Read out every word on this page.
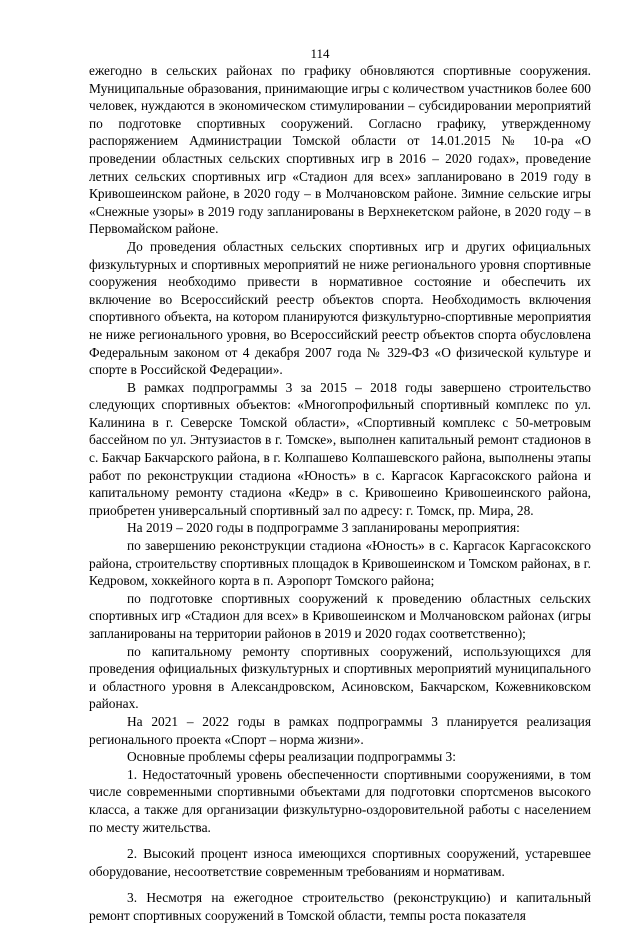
114

ежегодно в сельских районах по графику обновляются спортивные сооружения. Муниципальные образования, принимающие игры с количеством участников более 600 человек, нуждаются в экономическом стимулировании – субсидировании мероприятий по подготовке спортивных сооружений. Согласно графику, утвержденному распоряжением Администрации Томской области от 14.01.2015 № 10-ра «О проведении областных сельских спортивных игр в 2016 – 2020 годах», проведение летних сельских спортивных игр «Стадион для всех» запланировано в 2019 году в Кривошеинском районе, в 2020 году – в Молчановском районе. Зимние сельские игры «Снежные узоры» в 2019 году запланированы в Верхнекетском районе, в 2020 году – в Первомайском районе.

До проведения областных сельских спортивных игр и других официальных физкультурных и спортивных мероприятий не ниже регионального уровня спортивные сооружения необходимо привести в нормативное состояние и обеспечить их включение во Всероссийский реестр объектов спорта. Необходимость включения спортивного объекта, на котором планируются физкультурно-спортивные мероприятия не ниже регионального уровня, во Всероссийский реестр объектов спорта обусловлена Федеральным законом от 4 декабря 2007 года № 329-ФЗ «О физической культуре и спорте в Российской Федерации».

В рамках подпрограммы 3 за 2015 – 2018 годы завершено строительство следующих спортивных объектов: «Многопрофильный спортивный комплекс по ул. Калинина в г. Северске Томской области», «Спортивный комплекс с 50-метровым бассейном по ул. Энтузиастов в г. Томске», выполнен капитальный ремонт стадионов в с. Бакчар Бакчарского района, в г. Колпашево Колпашевского района, выполнены этапы работ по реконструкции стадиона «Юность» в с. Каргасок Каргасокского района и капитальному ремонту стадиона «Кедр» в с. Кривошеино Кривошеинского района, приобретен универсальный спортивный зал по адресу: г. Томск, пр. Мира, 28.

На 2019 – 2020 годы в подпрограмме 3 запланированы мероприятия:

по завершению реконструкции стадиона «Юность» в с. Каргасок Каргасокского района, строительству спортивных площадок в Кривошеинском и Томском районах, в г. Кедровом, хоккейного корта в п. Аэропорт Томского района;

по подготовке спортивных сооружений к проведению областных сельских спортивных игр «Стадион для всех» в Кривошеинском и Молчановском районах (игры запланированы на территории районов в 2019 и 2020 годах соответственно);

по капитальному ремонту спортивных сооружений, использующихся для проведения официальных физкультурных и спортивных мероприятий муниципального и областного уровня в Александровском, Асиновском, Бакчарском, Кожевниковском районах.

На 2021 – 2022 годы в рамках подпрограммы 3 планируется реализация регионального проекта «Спорт – норма жизни».

Основные проблемы сферы реализации подпрограммы 3:

1. Недостаточный уровень обеспеченности спортивными сооружениями, в том числе современными спортивными объектами для подготовки спортсменов высокого класса, а также для организации физкультурно-оздоровительной работы с населением по месту жительства.

2. Высокий процент износа имеющихся спортивных сооружений, устаревшее оборудование, несоответствие современным требованиям и нормативам.

3. Несмотря на ежегодное строительство (реконструкцию) и капитальный ремонт спортивных сооружений в Томской области, темпы роста показателя
